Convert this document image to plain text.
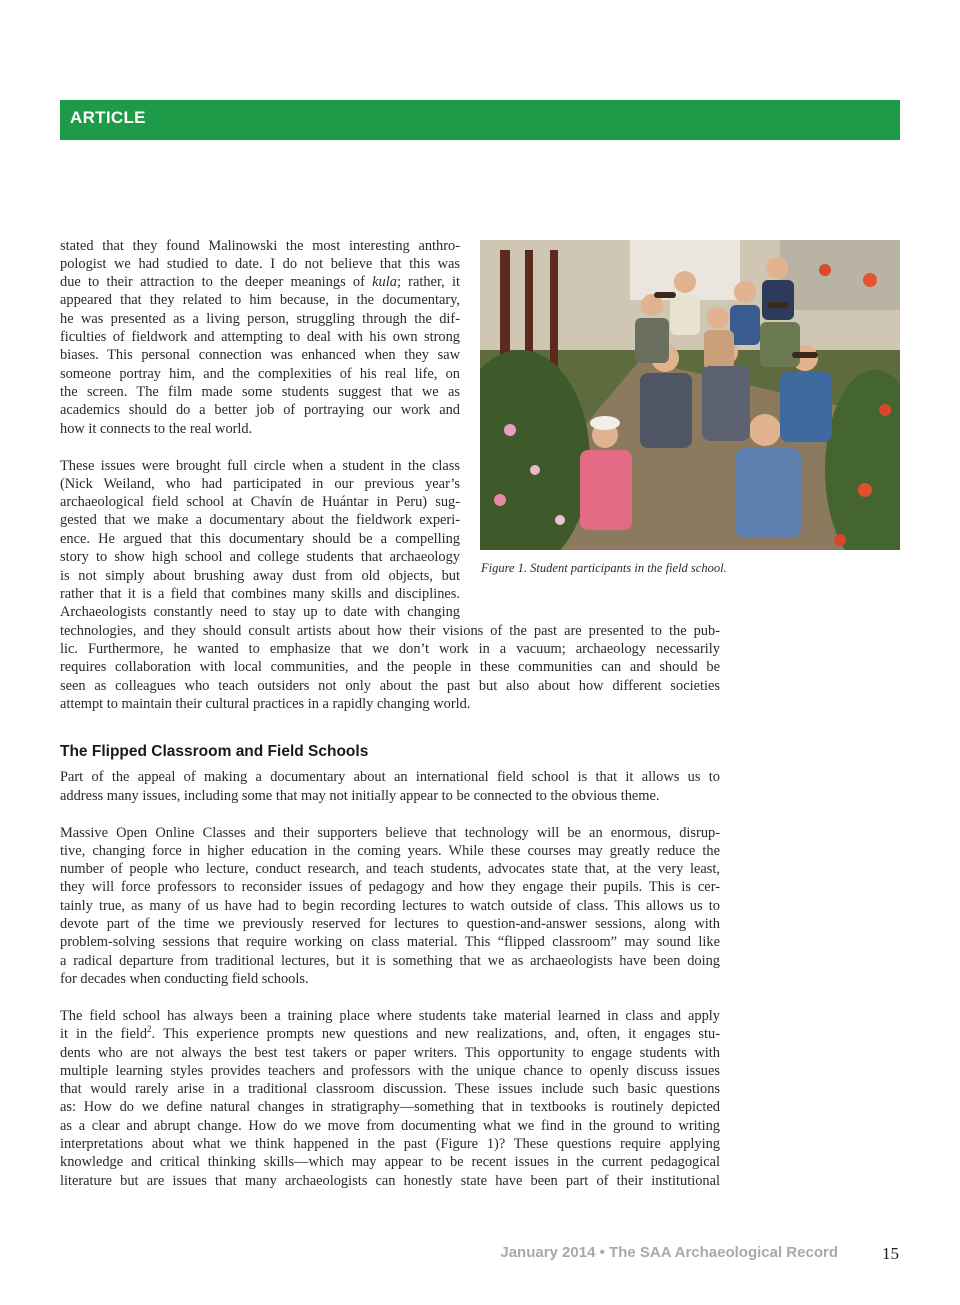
ARTICLE
Figure 1. Student participants in the field school.
stated that they found Malinowski the most interesting anthro-
pologist we had studied to date. I do not believe that this was
due to their attraction to the deeper meanings of kula; rather, it
appeared that they related to him because, in the documentary,
he was presented as a living person, struggling through the dif-
ficulties of fieldwork and attempting to deal with his own strong
biases. This personal connection was enhanced when they saw
someone portray him, and the complexities of his real life, on
the screen. The film made some students suggest that we as
academics should do a better job of portraying our work and
how it connects to the real world.
These issues were brought full circle when a student in the class
(Nick Weiland, who had participated in our previous year’s
archaeological field school at Chavín de Huántar in Peru) sug-
gested that we make a documentary about the fieldwork experi-
ence. He argued that this documentary should be a compelling
story to show high school and college students that archaeology
is not simply about brushing away dust from old objects, but
rather that it is a field that combines many skills and disciplines.
Archaeologists constantly need to stay up to date with changing
technologies, and they should consult artists about how their visions of the past are presented to the pub-
lic. Furthermore, he wanted to emphasize that we don’t work in a vacuum; archaeology necessarily
requires collaboration with local communities, and the people in these communities can and should be
seen as colleagues who teach outsiders not only about the past but also about how different societies
attempt to maintain their cultural practices in a rapidly changing world.
The Flipped Classroom and Field Schools
Part of the appeal of making a documentary about an international field school is that it allows us to
address many issues, including some that may not initially appear to be connected to the obvious theme.
Massive Open Online Classes and their supporters believe that technology will be an enormous, disrup-
tive, changing force in higher education in the coming years. While these courses may greatly reduce the
number of people who lecture, conduct research, and teach students, advocates state that, at the very least,
they will force professors to reconsider issues of pedagogy and how they engage their pupils. This is cer-
tainly true, as many of us have had to begin recording lectures to watch outside of class. This allows us to
devote part of the time we previously reserved for lectures to question-and-answer sessions, along with
problem-solving sessions that require working on class material. This “flipped classroom” may sound like
a radical departure from traditional lectures, but it is something that we as archaeologists have been doing
for decades when conducting field schools.
The field school has always been a training place where students take material learned in class and apply
it in the field$^2$. This experience prompts new questions and new realizations, and, often, it engages stu-
dents who are not always the best test takers or paper writers. This opportunity to engage students with
multiple learning styles provides teachers and professors with the unique chance to openly discuss issues
that would rarely arise in a traditional classroom discussion. These issues include such basic questions
as: How do we define natural changes in stratigraphy—something that in textbooks is routinely depicted
as a clear and abrupt change. How do we move from documenting what we find in the ground to writing
interpretations about what we think happened in the past (Figure 1)? These questions require applying
knowledge and critical thinking skills—which may appear to be recent issues in the current pedagogical
literature but are issues that many archaeologists can honestly state have been part of their institutional
January 2014 • The SAA Archaeological Record	15
